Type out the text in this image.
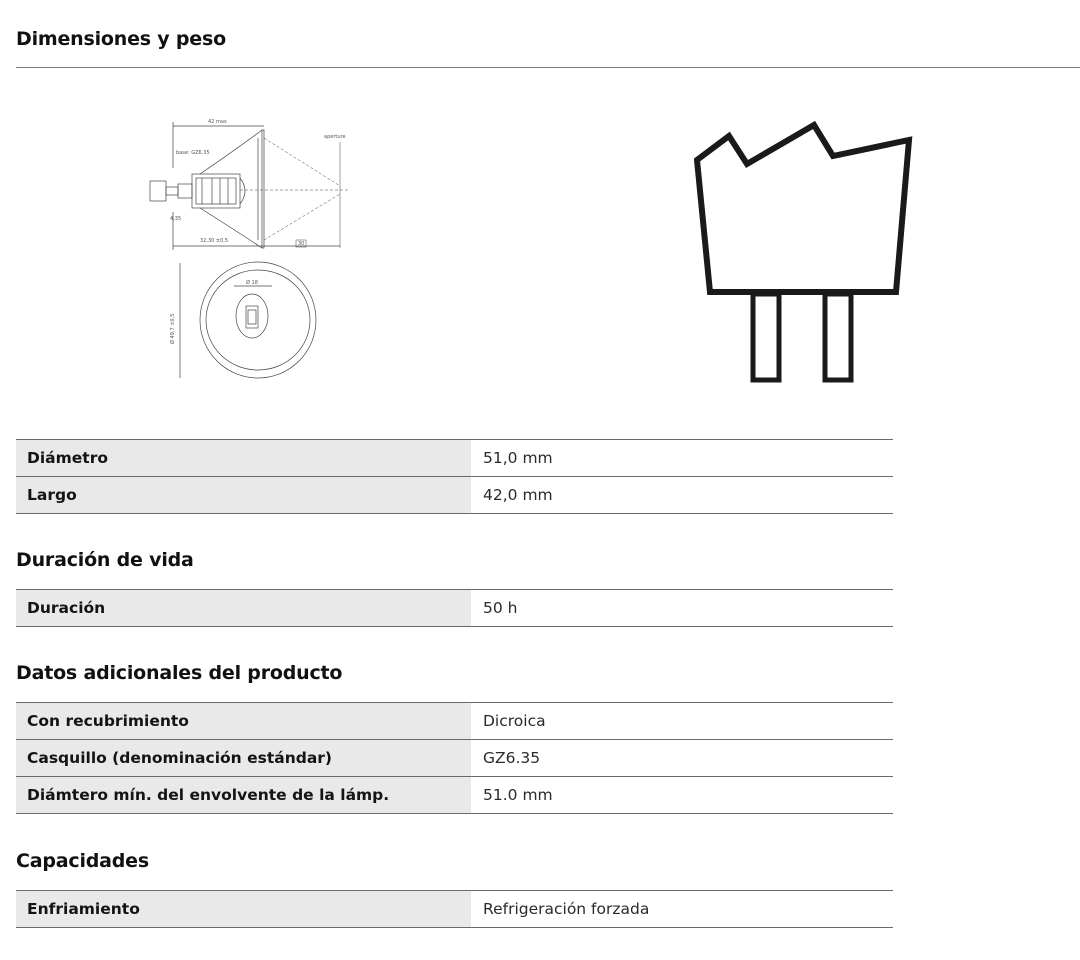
Dimensiones y peso
42 max
base: GZ6.35
aperture
32,30 ±0,5	30
4,35
Ø 18
Ø 49,7 ±0,5
Diámetro	51,0 mm
Largo	42,0 mm
Duración de vida
Duración	50 h
Datos adicionales del producto
Con recubrimiento	Dicroica
Casquillo (denominación estándar)	GZ6.35
Diámtero mín. del envolvente de la lámp.	51.0 mm
Capacidades
Enfriamiento	Refrigeración forzada
